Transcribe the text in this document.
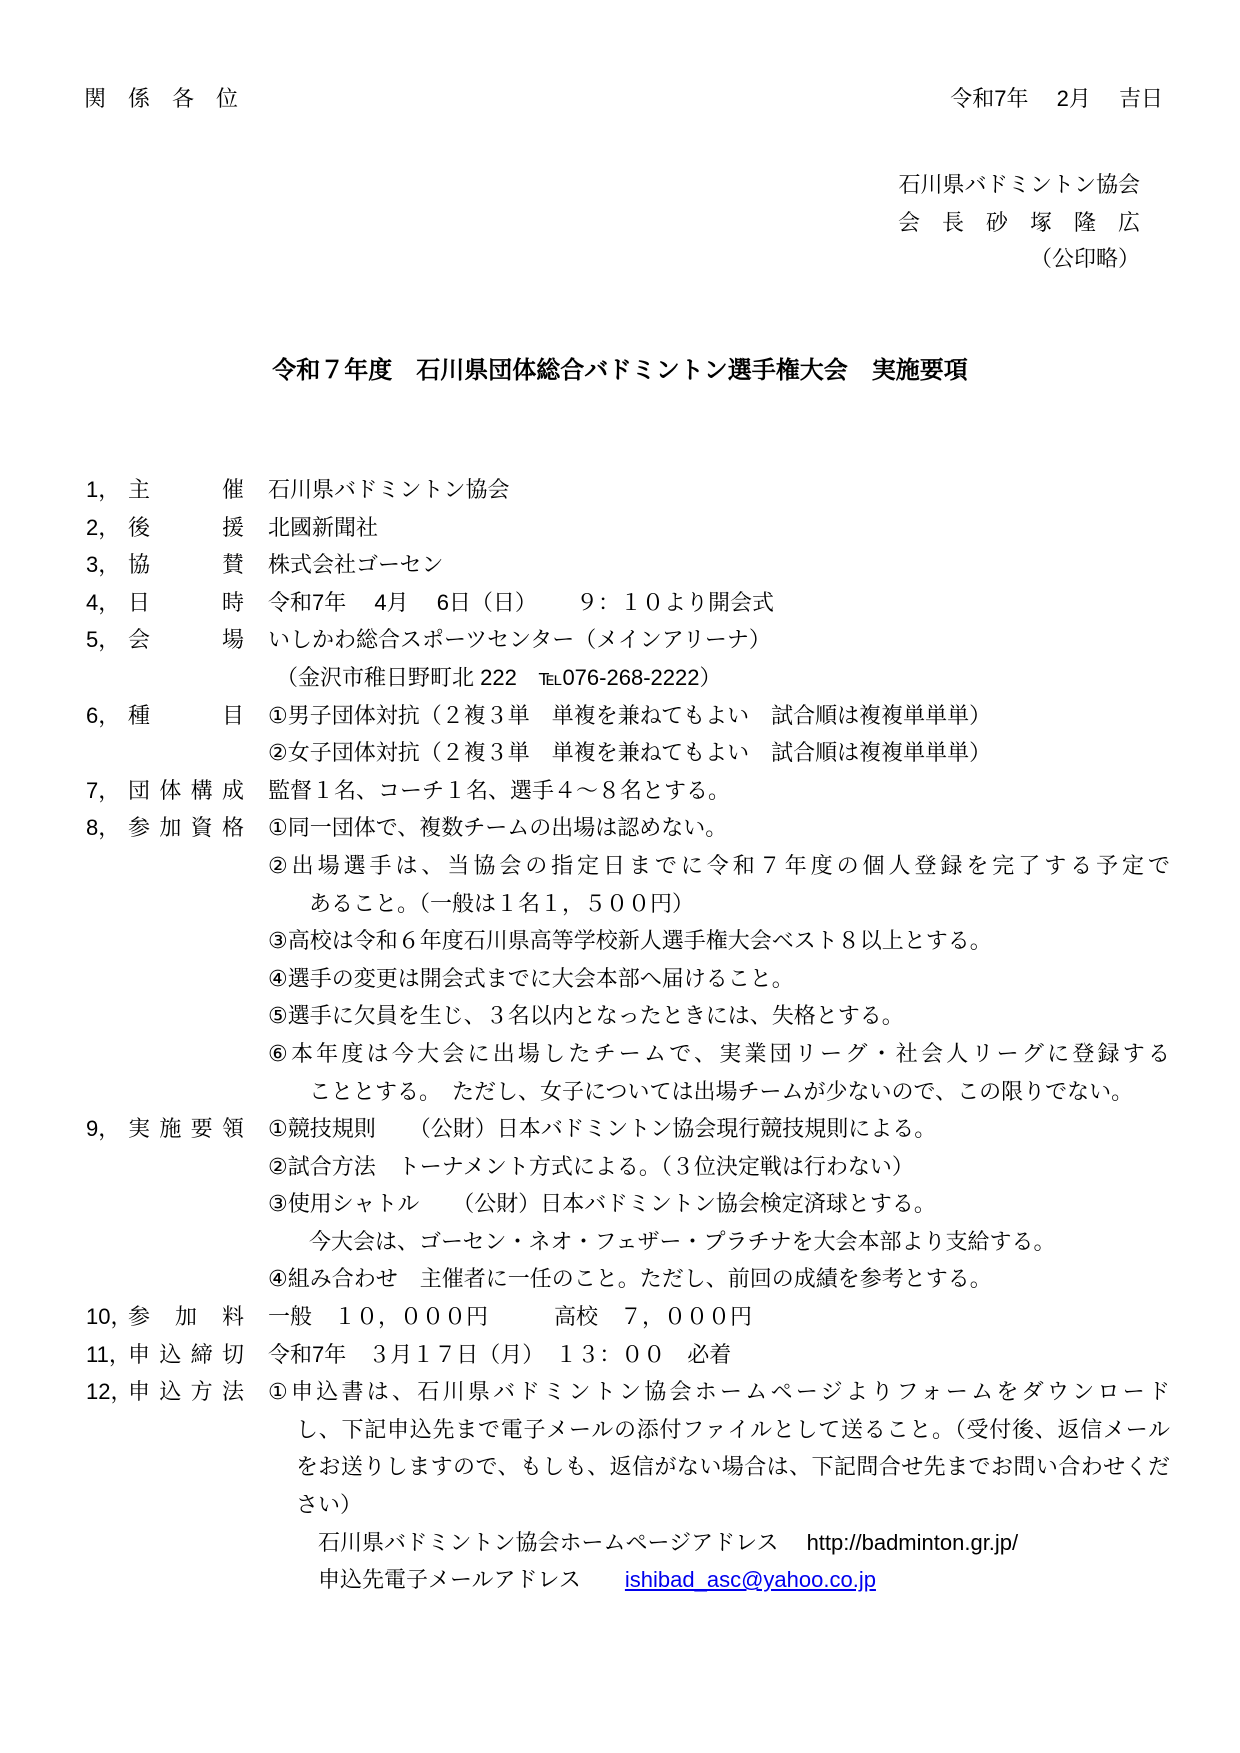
関　係　各　位	令和7年　 2月　 吉日
石川県バドミントン協会
会長砂塚隆広
（公印略）
令和７年度　石川県団体総合バドミントン選手権大会　実施要項
1， 主催 石川県バドミントン協会
2， 後援 北國新聞社
3， 協賛 株式会社ゴーセン
4， 日時 令和7年　 4月　 6日（日）　　 ９：１０より開会式
5， 会場 いしかわ総合スポーツセンター（メインアリーナ）
（金沢市稚日野町北 222　℡076-268-2222）
6， 種目 ①男子団体対抗（２複３単　単複を兼ねてもよい　試合順は複複単単単）
②女子団体対抗（２複３単　単複を兼ねてもよい　試合順は複複単単単）
7， 団体構成 監督１名、コーチ１名、選手４～８名とする。
8， 参加資格 ①同一団体で、複数チームの出場は認めない。
②出場選手は、当協会の指定日までに令和７年度の個人登録を完了する予定で
あること。（一般は１名１，５００円）
③高校は令和６年度石川県高等学校新人選手権大会ベスト８以上とする。
④選手の変更は開会式までに大会本部へ届けること。
⑤選手に欠員を生じ、３名以内となったときには、失格とする。
⑥本年度は今大会に出場したチームで、実業団リーグ・社会人リーグに登録する
こととする。　ただし、女子については出場チームが少ないので、この限りでない。
9， 実施要領 ①競技規則　　（公財）日本バドミントン協会現行競技規則による。
②試合方法　トーナメント方式による。（３位決定戦は行わない）
③使用シャトル　　（公財）日本バドミントン協会検定済球とする。
今大会は、ゴーセン・ネオ・フェザー・プラチナを大会本部より支給する。
④組み合わせ　主催者に一任のこと。ただし、前回の成績を参考とする。
10，
参加料 一般　１０，０００円　　　高校　７，０００円
11，
申込締切 令和7年　３月１７日（月）　１３：００　必着
12，
申込方法 ①申込書は、石川県バドミントン協会ホームページよりフォームをダウンロード
し、下記申込先まで電子メールの添付ファイルとして送ること。（受付後、返信メール
をお送りしますので、もしも、返信がない場合は、下記問合せ先までお問い合わせくだ
さい）
石川県バドミントン協会ホームページアドレス　 http://badminton.gr.jp/
申込先電子メールアドレス　　ishibad_asc@yahoo.co.jp
